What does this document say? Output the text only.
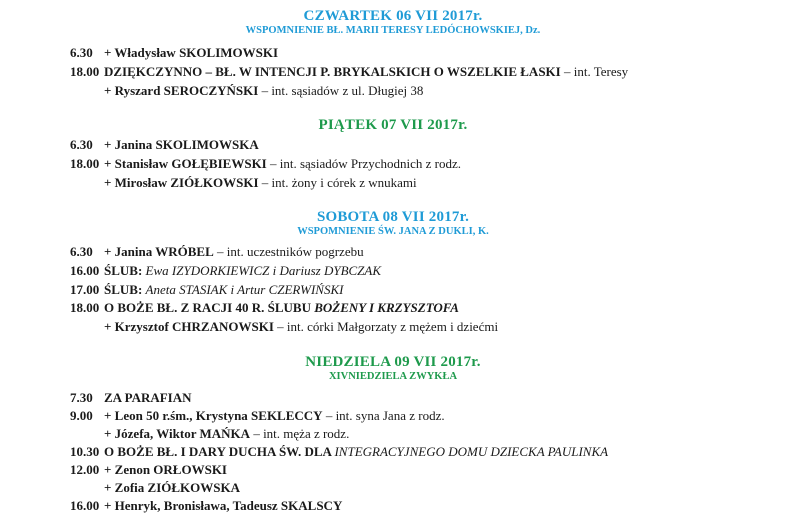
CZWARTEK 06 VII 2017r.
WSPOMNIENIE BŁ. MARII TERESY LEDÓCHOWSKIEJ, Dz.
6.30 + Władysław SKOLIMOWSKI
18.00 DZIĘKCZYNNO – BŁ. W INTENCJI P. BRYKALSKICH O WSZELKIE ŁASKI – int. Teresy
+ Ryszard SEROCZYŃSKI – int. sąsiadów z ul. Długiej 38
PIĄTEK 07 VII 2017r.
6.30 + Janina SKOLIMOWSKA
18.00 + Stanisław GOŁĘBIEWSKI – int. sąsiadów Przychodnich z rodz.
+ Mirosław ZIÓŁKOWSKI – int. żony i córek z wnukami
SOBOTA 08 VII 2017r.
WSPOMNIENIE ŚW. JANA Z DUKLI, K.
6.30 + Janina WRÓBEL – int. uczestników pogrzebu
16.00 ŚLUB: Ewa IZYDORKIEWICZ i Dariusz DYBCZAK
17.00 ŚLUB: Aneta STASIAK i Artur CZERWIŃSKI
18.00 O BOŻE BŁ. Z RACJI 40 R. ŚLUBU BOŻENY I KRZYSZTOFA
+ Krzysztof CHRZANOWSKI – int. córki Małgorzaty z mężem i dziećmi
NIEDZIELA 09 VII 2017r.
XIVNIEDZIELA ZWYKŁA
7.30 ZA PARAFIAN
9.00 + Leon 50 r.śm., Krystyna SEKLECCY – int. syna Jana z rodz.
+ Józefa, Wiktor MAŃKA – int. męża z rodz.
10.30 O BOŻE BŁ. I DARY DUCHA ŚW. DLA INTEGRACYJNEGO DOMU DZIECKA PAULINKA
12.00 + Zenon ORŁOWSKI
+ Zofia ZIÓŁKOWSKA
16.00 + Henryk, Bronisława, Tadeusz SKALSCY
